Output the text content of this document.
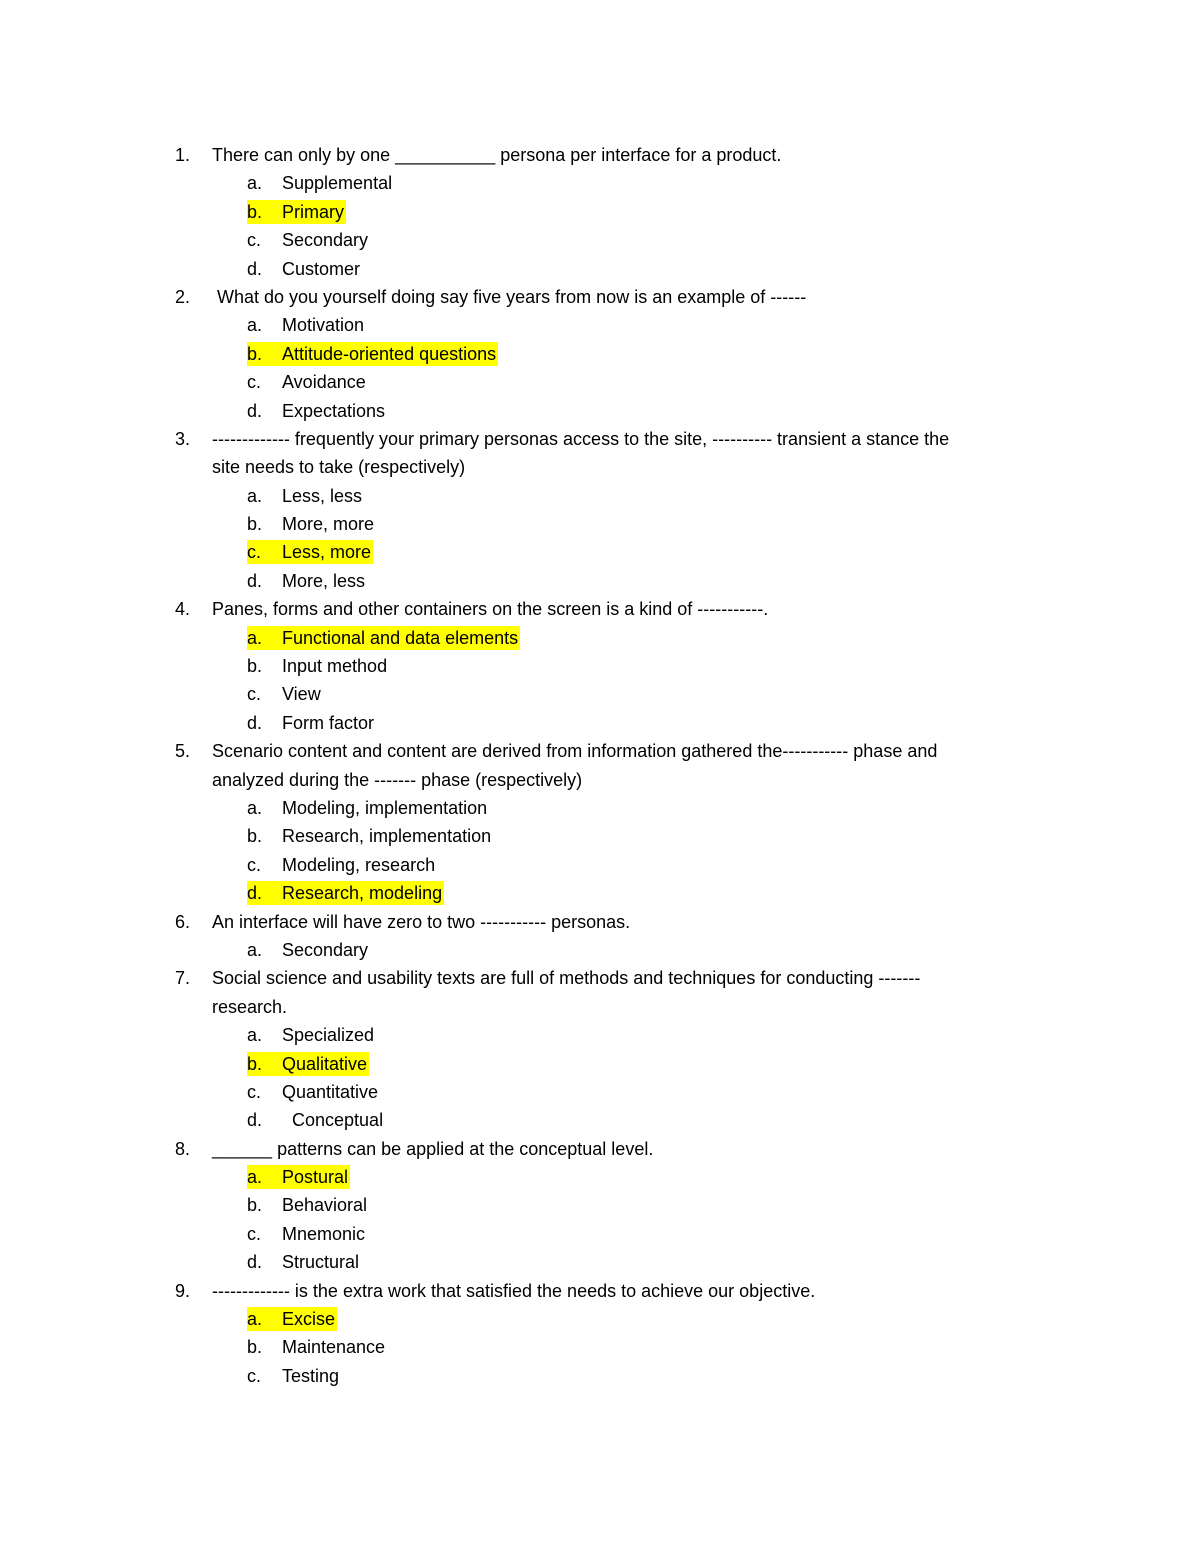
1. There can only by one __________ persona per interface for a product.
a. Supplemental
b.	Primary
c. Secondary
d. Customer
2. What do you yourself doing say five years from now is an example of ------
a. Motivation
b.	Attitude-oriented questions
c. Avoidance
d. Expectations
3. ------------- frequently your primary personas access to the site, ---------- transient a stance the
site needs to take (respectively)
a. Less, less
b. More, more
c.	Less, more
d. More, less
4. Panes, forms and other containers on the screen is a kind of -----------.
a.	Functional and data elements
b. Input method
c. View
d. Form factor
5. Scenario content and content are derived from information gathered the----------- phase and
analyzed during the ------- phase (respectively)
a. Modeling, implementation
b. Research, implementation
c. Modeling, research
d.	Research, modeling
6. An interface will have zero to two ----------- personas.
a. Secondary
7. Social science and usability texts are full of methods and techniques for conducting -------
research.
a. Specialized
b.	Qualitative
c. Quantitative
d. Conceptual
8. ______ patterns can be applied at the conceptual level.
a.	Postural
b. Behavioral
c. Mnemonic
d. Structural
9. ------------- is the extra work that satisfied the needs to achieve our objective.
a.	Excise
b. Maintenance
c. Testing
